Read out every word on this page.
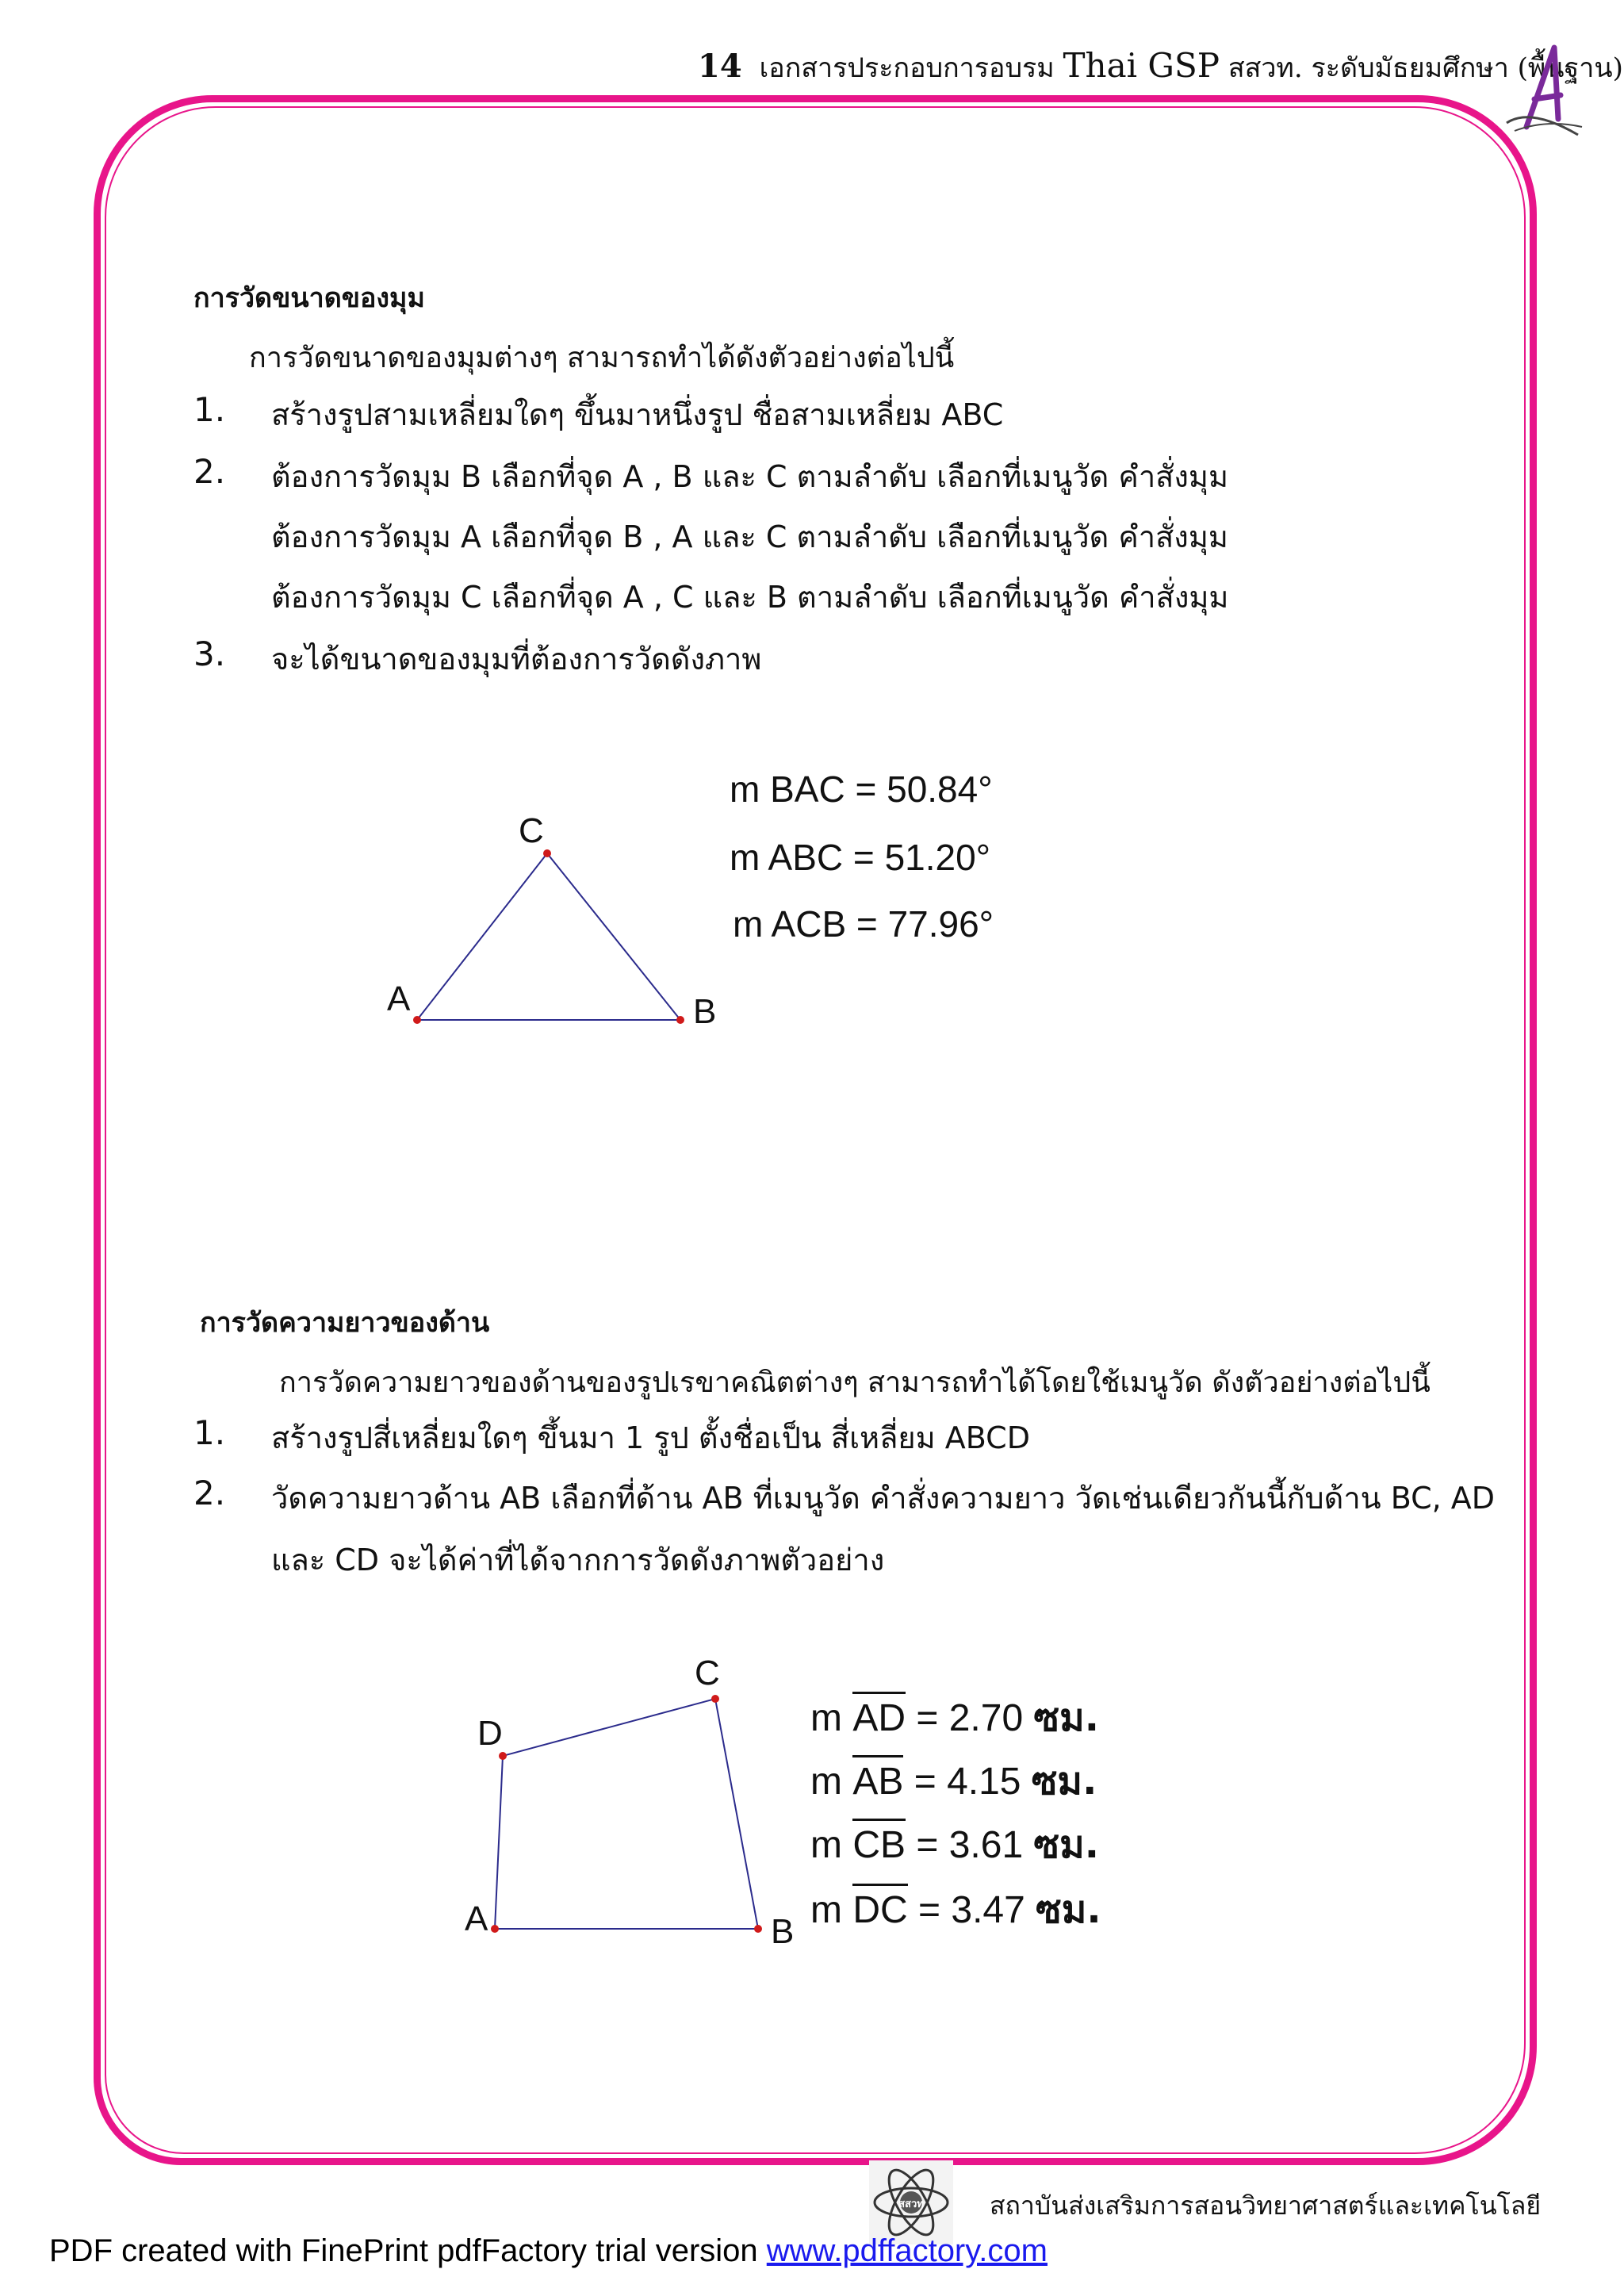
14 เอกสารประกอบการอบรม Thai GSP สสวท. ระดับมัธยมศึกษา (พื้นฐาน)
การวัดขนาดของมุม
การวัดขนาดของมุมต่างๆ สามารถทำได้ดังตัวอย่างต่อไปนี้
1. สร้างรูปสามเหลี่ยมใดๆ ขึ้นมาหนึ่งรูป ชื่อสามเหลี่ยม ABC
2. ต้องการวัดมุม B เลือกที่จุด A , B และ C ตามลำดับ เลือกที่เมนูวัด คำสั่งมุม
ต้องการวัดมุม A เลือกที่จุด B , A และ C ตามลำดับ เลือกที่เมนูวัด คำสั่งมุม
ต้องการวัดมุม C เลือกที่จุด A , C และ B ตามลำดับ เลือกที่เมนูวัด คำสั่งมุม
3. จะได้ขนาดของมุมที่ต้องการวัดดังภาพ
A
C
B
m BAC = 50.84°
m ABC = 51.20°
m ACB = 77.96°
การวัดความยาวของด้าน
การวัดความยาวของด้านของรูปเรขาคณิตต่างๆ สามารถทำได้โดยใช้เมนูวัด ดังตัวอย่างต่อไปนี้
1. สร้างรูปสี่เหลี่ยมใดๆ ขึ้นมา 1 รูป ตั้งชื่อเป็น สี่เหลี่ยม ABCD
2. วัดความยาวด้าน AB เลือกที่ด้าน AB ที่เมนูวัด คำสั่งความยาว วัดเช่นเดียวกันนี้กับด้าน BC, AD
และ CD จะได้ค่าที่ได้จากการวัดดังภาพตัวอย่าง
A	B
C
D	m AD = 2.70 ซม.
m AB = 4.15 ซม.
m CB = 3.61 ซม.
m DC = 3.47 ซม.
สสวท	สถาบันส่งเสริมการสอนวิทยาศาสตร์และเทคโนโลยี
PDF created with FinePrint pdfFactory trial version www.pdffactory.com
